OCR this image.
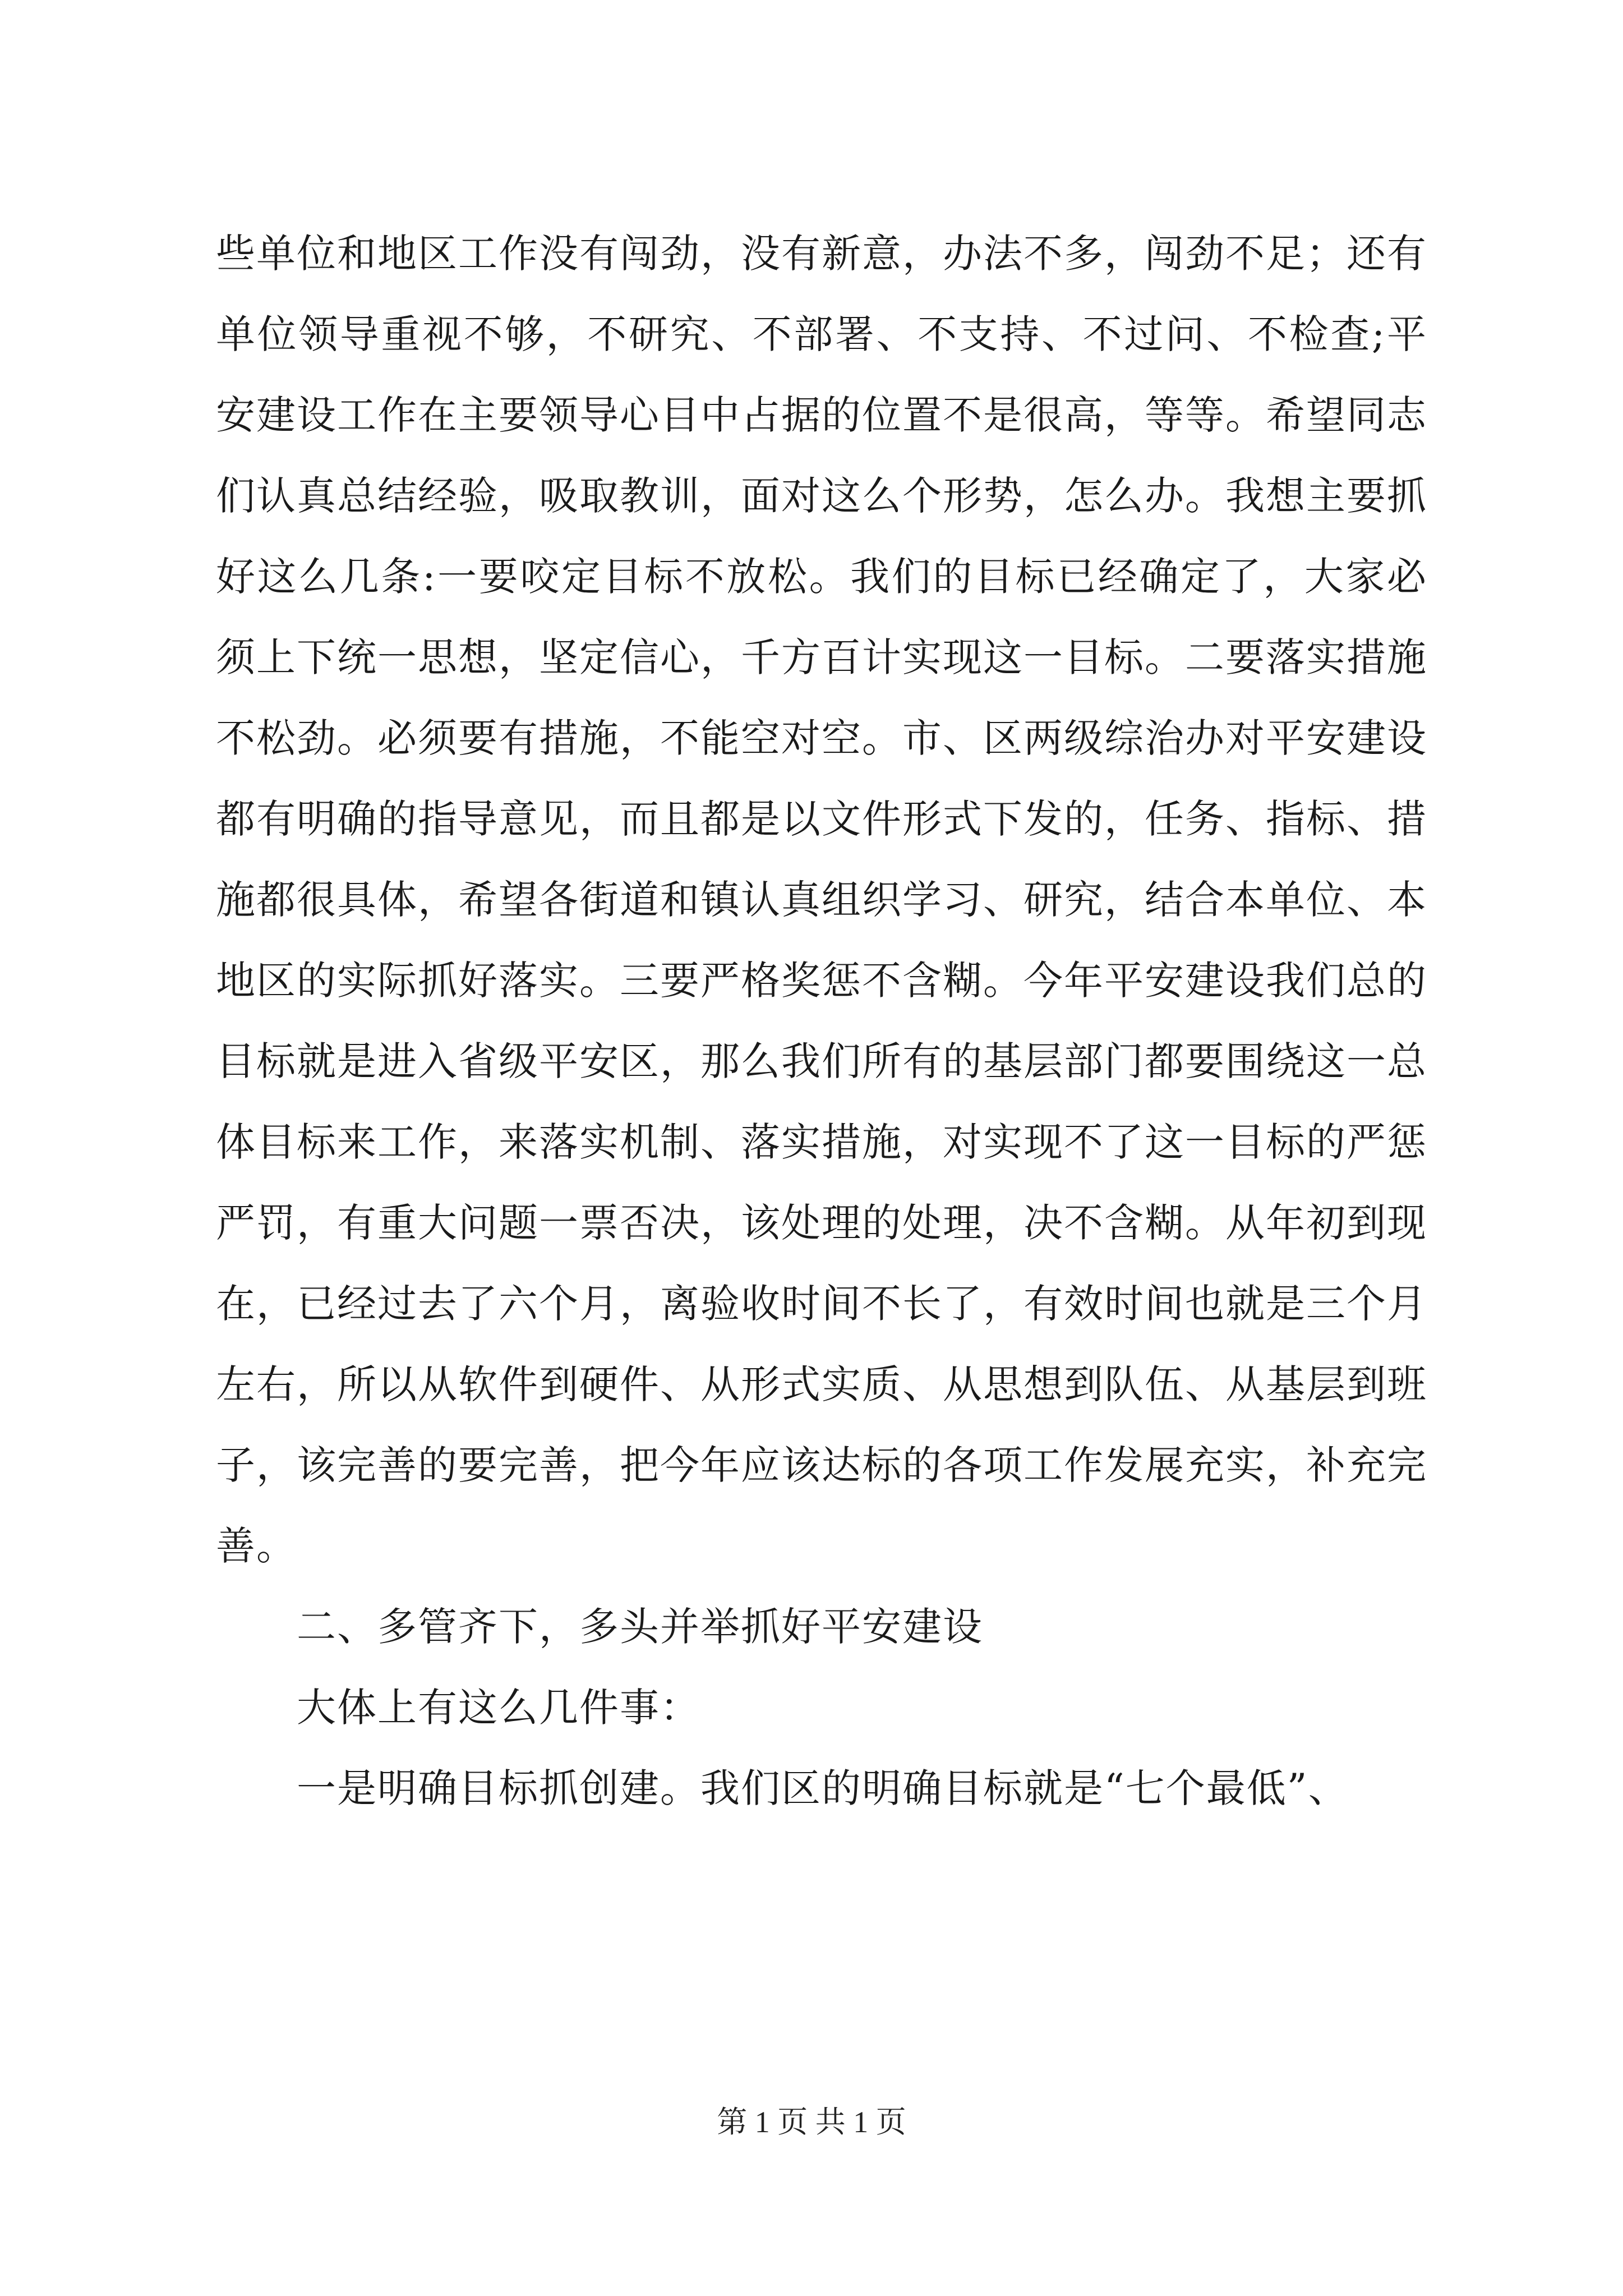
些单位和地区工作没有闯劲，没有新意，办法不多，闯劲不足；还有单位领导重视不够，不研究、不部署、不支持、不过问、不检查;平安建设工作在主要领导心目中占据的位置不是很高，等等。希望同志们认真总结经验，吸取教训，面对这么个形势，怎么办。我想主要抓好这么几条:一要咬定目标不放松。我们的目标已经确定了，大家必须上下统一思想，坚定信心，千方百计实现这一目标。二要落实措施不松劲。必须要有措施，不能空对空。市、区两级综治办对平安建设都有明确的指导意见，而且都是以文件形式下发的，任务、指标、措施都很具体，希望各街道和镇认真组织学习、研究，结合本单位、本地区的实际抓好落实。三要严格奖惩不含糊。今年平安建设我们总的目标就是进入省级平安区，那么我们所有的基层部门都要围绕这一总体目标来工作，来落实机制、落实措施，对实现不了这一目标的严惩严罚，有重大问题一票否决，该处理的处理，决不含糊。从年初到现在，已经过去了六个月，离验收时间不长了，有效时间也就是三个月左右，所以从软件到硬件、从形式实质、从思想到队伍、从基层到班子，该完善的要完善，把今年应该达标的各项工作发展充实，补充完善。

二、多管齐下，多头并举抓好平安建设

大体上有这么几件事：

一是明确目标抓创建。我们区的明确目标就是“七个最低”、

第 1 页 共 1 页
